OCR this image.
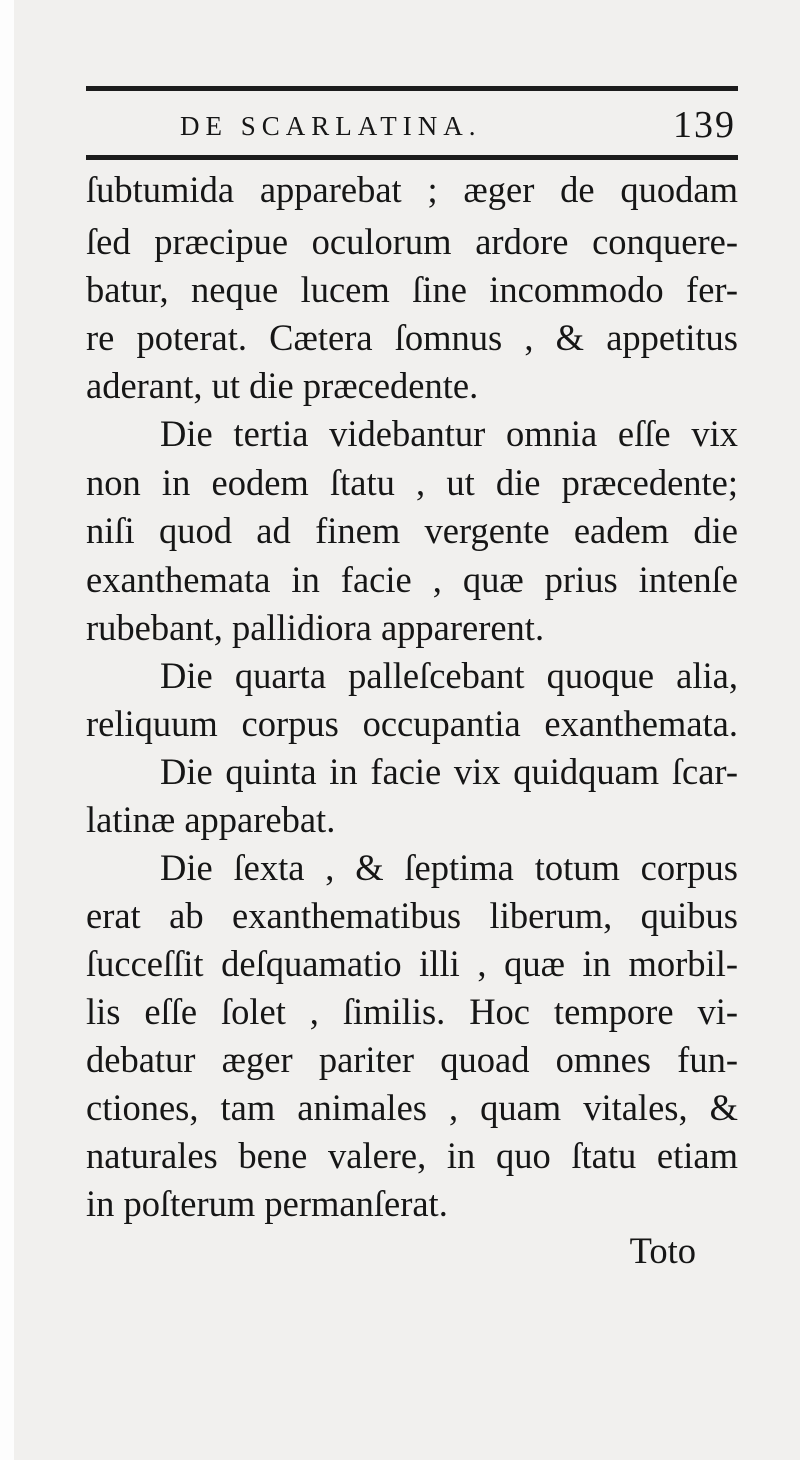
DE SCARLATINA.	139
ſubtumida apparebat ; æger de quodam
ſed præcipue oculorum ardore conquere-
batur, neque lucem ſine incommodo fer-
re poterat. Cætera ſomnus , & appetitus
aderant, ut die præcedente.
Die tertia videbantur omnia eſſe vix
non in eodem ſtatu , ut die præcedente;
niſi quod ad finem vergente eadem die
exanthemata in facie , quæ prius intenſe
rubebant, pallidiora apparerent.
Die quarta palleſcebant quoque alia,
reliquum corpus occupantia exanthemata.
Die quinta in facie vix quidquam ſcar-
latinæ apparebat.
Die ſexta , & ſeptima totum corpus
erat ab exanthematibus liberum, quibus
ſucceſſit deſquamatio illi , quæ in morbil-
lis eſſe ſolet , ſimilis. Hoc tempore vi-
debatur æger pariter quoad omnes fun-
ctiones, tam animales , quam vitales, &
naturales bene valere, in quo ſtatu etiam
in poſterum permanſerat.
Toto
